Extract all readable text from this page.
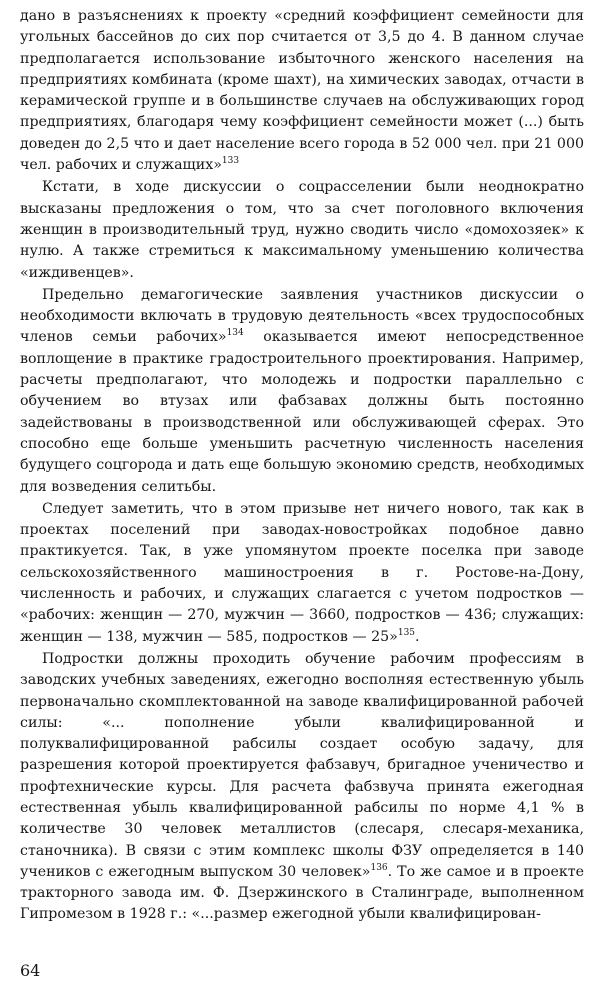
дано в разъяснениях к проекту «средний коэффициент семейности для угольных бассейнов до сих пор считается от 3,5 до 4. В данном случае предполагается использование избыточного женского населения на предприятиях комбината (кроме шахт), на химических заводах, отчасти в керамической группе и в большинстве случаев на обслуживающих город предприятиях, благодаря чему коэффициент семейности может (...) быть доведен до 2,5 что и дает население всего города в 52 000 чел. при 21 000 чел. рабочих и служащих»$^{133}$

Кстати, в ходе дискуссии о соцрасселении были неоднократно высказаны предложения о том, что за счет поголовного включения женщин в производительный труд, нужно сводить число «домохозяек» к нулю. А также стремиться к максимальному уменьшению количества «иждивенцев».

Предельно демагогические заявления участников дискуссии о необходимости включать в трудовую деятельность «всех трудоспособных членов семьи рабочих»$^{134}$ оказывается имеют непосредственное воплощение в практике градостроительного проектирования. Например, расчеты предполагают, что молодежь и подростки параллельно с обучением во втузах или фабзавах должны быть постоянно задействованы в производственной или обслуживающей сферах. Это способно еще больше уменьшить расчетную численность населения будущего соцгорода и дать еще большую экономию средств, необходимых для возведения селитьбы.

Следует заметить, что в этом призыве нет ничего нового, так как в проектах поселений при заводах-новостройках подобное давно практикуется. Так, в уже упомянутом проекте поселка при заводе сельскохозяйственного машиностроения в г. Ростове-на-Дону, численность и рабочих, и служащих слагается с учетом подростков — «рабочих: женщин — 270, мужчин — 3660, подростков — 436; служащих: женщин — 138, мужчин — 585, подростков — 25»$^{135}$.

Подростки должны проходить обучение рабочим профессиям в заводских учебных заведениях, ежегодно восполняя естественную убыль первоначально скомплектованной на заводе квалифицированной рабочей силы: «... пополнение убыли квалифицированной и полуквалифицированной рабсилы создает особую задачу, для разрешения которой проектируется фабзавуч, бригадное ученичество и профтехнические курсы. Для расчета фабзвуча принята ежегодная естественная убыль квалифицированной рабсилы по норме 4,1 % в количестве 30 человек металлистов (слесаря, слесаря-механика, станочника). В связи с этим комплекс школы ФЗУ определяется в 140 учеников с ежегодным выпуском 30 человек»$^{136}$. То же самое и в проекте тракторного завода им. Ф. Дзержинского в Сталинграде, выполненном Гипромезом в 1928 г.: «...размер ежегодной убыли квалифицирован-

64
